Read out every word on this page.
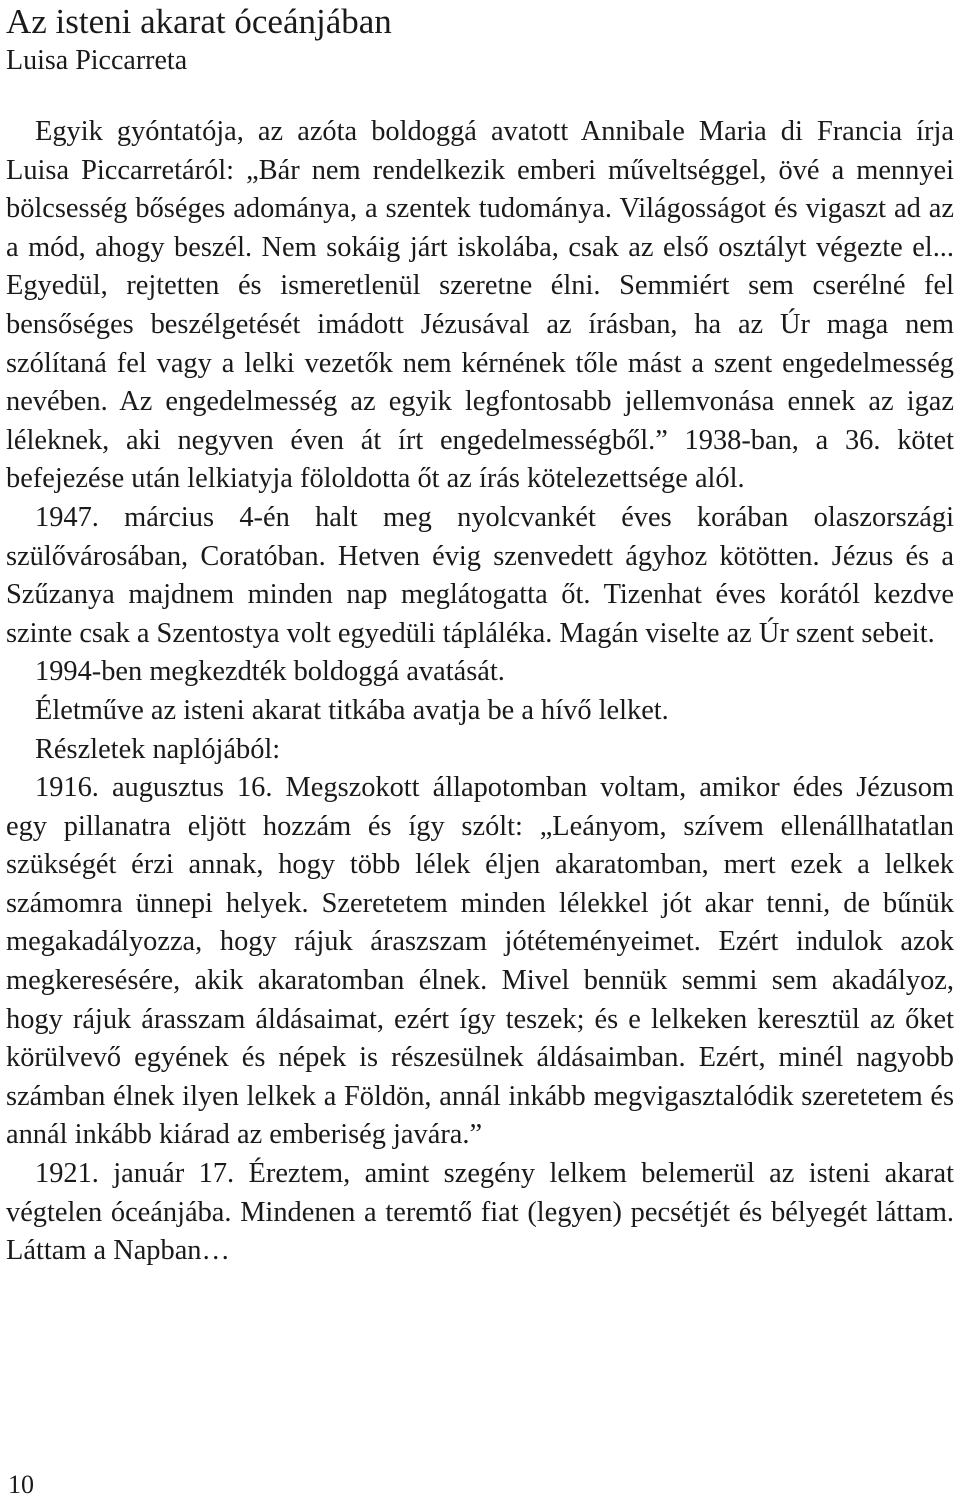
Az isteni akarat óceánjában
Luisa Piccarreta

Egyik gyóntatója, az azóta boldoggá avatott Annibale Maria di Francia írja Luisa Piccarretáról: „Bár nem rendelkezik emberi műveltséggel, övé a mennyei bölcsesség bőséges adománya, a szentek tudománya. Világosságot és vigaszt ad az a mód, ahogy beszél. Nem sokáig járt iskolába, csak az első osztályt végezte el... Egyedül, rejtetten és ismeretlenül szeretne élni. Semmiért sem cserélné fel bensőséges beszélgetését imádott Jézusával az írásban, ha az Úr maga nem szólítaná fel vagy a lelki vezetők nem kérnének tőle mást a szent engedelmesség nevében. Az engedelmesség az egyik legfontosabb jellemvonása ennek az igaz léleknek, aki negyven éven át írt engedelmességből.” 1938-ban, a 36. kötet befejezése után lelkiatyja föloldotta őt az írás kötelezettsége alól.

1947. március 4-én halt meg nyolcvankét éves korában olaszországi szülővárosában, Coratóban. Hetven évig szenvedett ágyhoz kötötten. Jézus és a Szűzanya majdnem minden nap meglátogatta őt. Tizenhat éves korától kezdve szinte csak a Szentostya volt egyedüli tápláléka. Magán viselte az Úr szent sebeit.

1994-ben megkezdték boldoggá avatását.

Életműve az isteni akarat titkába avatja be a hívő lelket.

Részletek naplójából:

1916. augusztus 16. Megszokott állapotomban voltam, amikor édes Jézusom egy pillanatra eljött hozzám és így szólt: „Leányom, szívem ellenállhatatlan szükségét érzi annak, hogy több lélek éljen akaratomban, mert ezek a lelkek számomra ünnepi helyek. Szeretetem minden lélekkel jót akar tenni, de bűnük megakadályozza, hogy rájuk áraszszam jótéteményeimet. Ezért indulok azok megkeresésére, akik akaratomban élnek. Mivel bennük semmi sem akadályoz, hogy rájuk árasszam áldásaimat, ezért így teszek; és e lelkeken keresztül az őket körülvevő egyének és népek is részesülnek áldásaimban. Ezért, minél nagyobb számban élnek ilyen lelkek a Földön, annál inkább megvigasztalódik szeretetem és annál inkább kiárad az emberiség javára.”

1921. január 17. Éreztem, amint szegény lelkem belemerül az isteni akarat végtelen óceánjába. Mindenen a teremtő fiat (legyen) pecsétjét és bélyegét láttam. Láttam a Napban…

10
